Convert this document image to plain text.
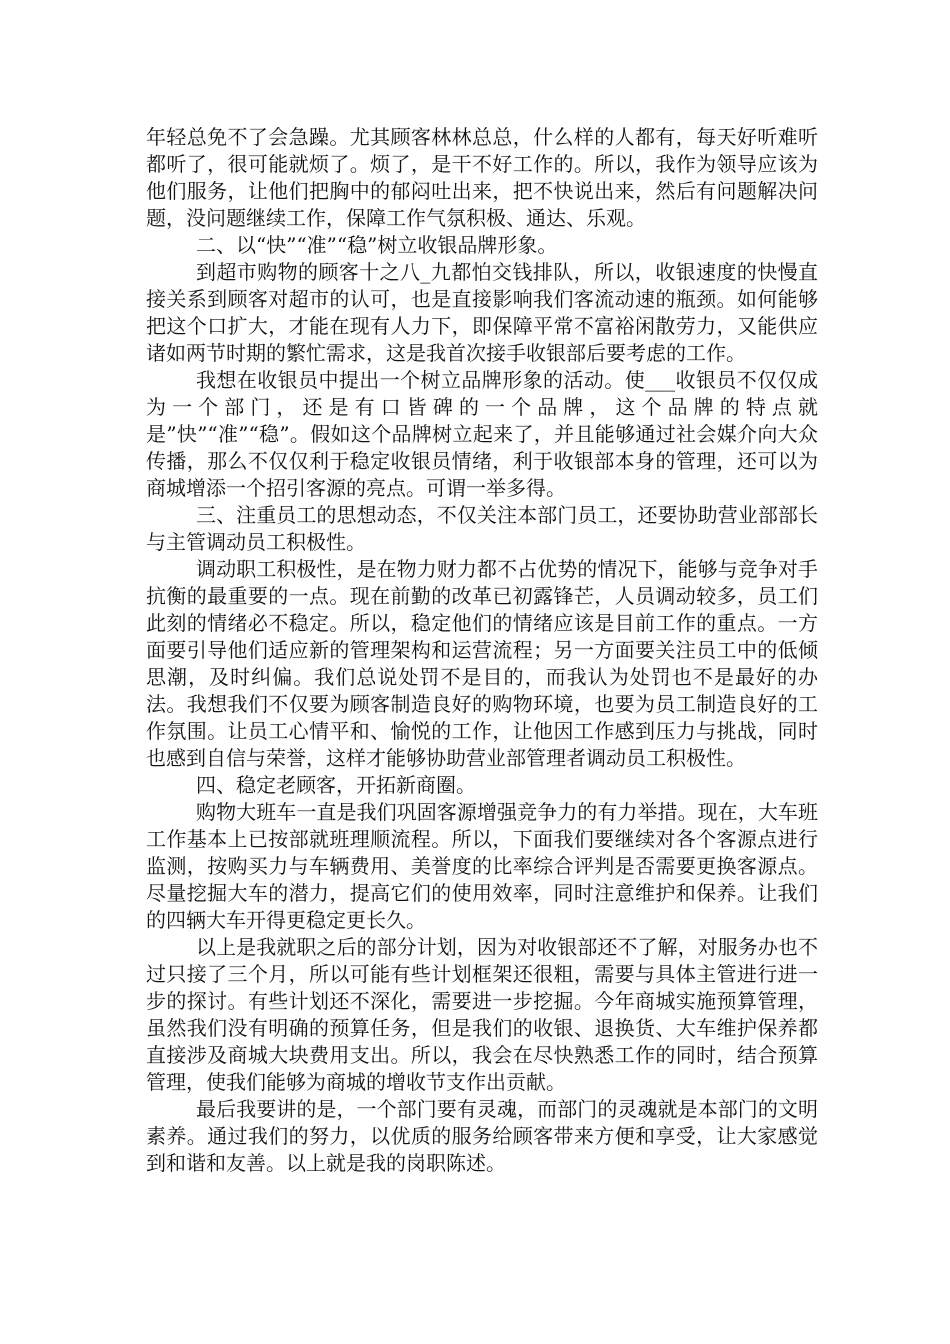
年轻总免不了会急躁。尤其顾客林林总总，什么样的人都有，每天好听难听都听了，很可能就烦了。烦了，是干不好工作的。所以，我作为领导应该为他们服务，让他们把胸中的郁闷吐出来，把不快说出来，然后有问题解决问题，没问题继续工作，保障工作气氛积极、通达、乐观。

二、以“快”“准”“稳”树立收银品牌形象。

到超市购物的顾客十之八_九都怕交钱排队，所以，收银速度的快慢直接关系到顾客对超市的认可，也是直接影响我们客流动速的瓶颈。如何能够把这个口扩大，才能在现有人力下，即保障平常不富裕闲散劳力，又能供应诸如两节时期的繁忙需求，这是我首次接手收银部后要考虑的工作。

我想在收银员中提出一个树立品牌形象的活动。使___收银员不仅仅成为一个部门，还是有口皆碑的一个品牌，这个品牌的特点就是”快”“准”“稳”。假如这个品牌树立起来了，并且能够通过社会媒介向大众传播，那么不仅仅利于稳定收银员情绪，利于收银部本身的管理，还可以为商城增添一个招引客源的亮点。可谓一举多得。

三、注重员工的思想动态，不仅关注本部门员工，还要协助营业部部长与主管调动员工积极性。

调动职工积极性，是在物力财力都不占优势的情况下，能够与竞争对手抗衡的最重要的一点。现在前勤的改革已初露锋芒，人员调动较多，员工们此刻的情绪必不稳定。所以，稳定他们的情绪应该是目前工作的重点。一方面要引导他们适应新的管理架构和运营流程；另一方面要关注员工中的低倾思潮，及时纠偏。我们总说处罚不是目的，而我认为处罚也不是最好的办法。我想我们不仅要为顾客制造良好的购物环境，也要为员工制造良好的工作氛围。让员工心情平和、愉悦的工作，让他因工作感到压力与挑战，同时也感到自信与荣誉，这样才能够协助营业部管理者调动员工积极性。

四、稳定老顾客，开拓新商圈。

购物大班车一直是我们巩固客源增强竞争力的有力举措。现在，大车班工作基本上已按部就班理顺流程。所以，下面我们要继续对各个客源点进行监测，按购买力与车辆费用、美誉度的比率综合评判是否需要更换客源点。尽量挖掘大车的潜力，提高它们的使用效率，同时注意维护和保养。让我们的四辆大车开得更稳定更长久。

以上是我就职之后的部分计划，因为对收银部还不了解，对服务办也不过只接了三个月，所以可能有些计划框架还很粗，需要与具体主管进行进一步的探讨。有些计划还不深化，需要进一步挖掘。今年商城实施预算管理，虽然我们没有明确的预算任务，但是我们的收银、退换货、大车维护保养都直接涉及商城大块费用支出。所以，我会在尽快熟悉工作的同时，结合预算管理，使我们能够为商城的增收节支作出贡献。

最后我要讲的是，一个部门要有灵魂，而部门的灵魂就是本部门的文明素养。通过我们的努力，以优质的服务给顾客带来方便和享受，让大家感觉到和谐和友善。以上就是我的岗职陈述。
